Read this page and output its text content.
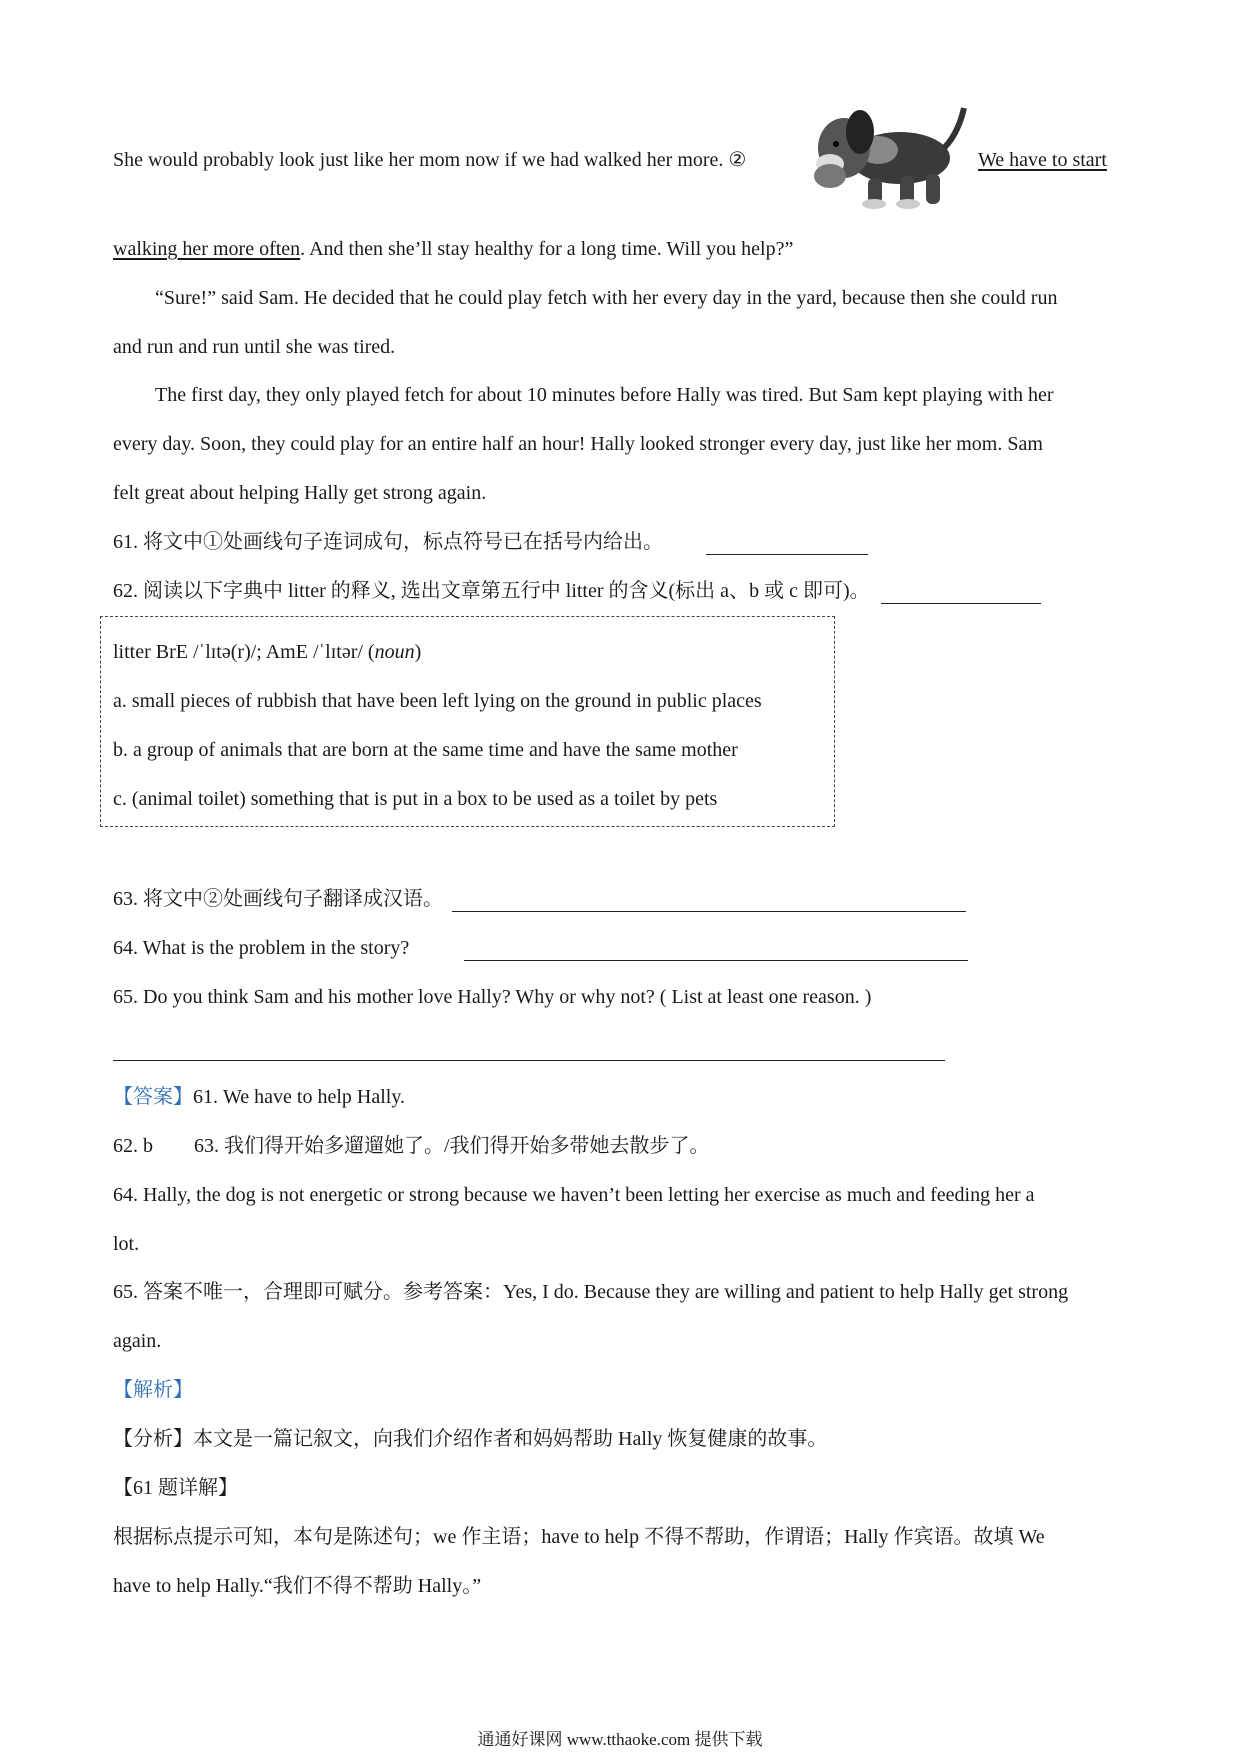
She would probably look just like her mom now if we had walked her more. ②	We have to start
walking her more often. And then she’ll stay healthy for a long time. Will you help?”
“Sure!” said Sam. He decided that he could play fetch with her every day in the yard, because then she could run
and run and run until she was tired.
The first day, they only played fetch for about 10 minutes before Hally was tired. But Sam kept playing with her
every day. Soon, they could play for an entire half an hour! Hally looked stronger every day, just like her mom. Sam
felt great about helping Hally get strong again.
61. 将文中①处画线句子连词成句，标点符号已在括号内给出。
62. 阅读以下字典中 litter 的释义, 选出文章第五行中 litter 的含义(标出 a、b 或 c 即可)。
litter BrE /ˈlɪtə(r)/; AmE /ˈlɪtər/ (noun)
a. small pieces of rubbish that have been left lying on the ground in public places
b. a group of animals that are born at the same time and have the same mother
c. (animal toilet) something that is put in a box to be used as a toilet by pets
63. 将文中②处画线句子翻译成汉语。
64. What is the problem in the story?
65. Do you think Sam and his mother love Hally? Why or why not? ( List at least one reason. )
【答案】61. We have to help Hally.
62. b 63. 我们得开始多遛遛她了。/我们得开始多带她去散步了。
64. Hally, the dog is not energetic or strong because we haven’t been letting her exercise as much and feeding her a
lot.
65. 答案不唯一，合理即可赋分。参考答案：Yes, I do. Because they are willing and patient to help Hally get strong
again.
【解析】
【分析】本文是一篇记叙文，向我们介绍作者和妈妈帮助 Hally 恢复健康的故事。
【61 题详解】
根据标点提示可知，本句是陈述句；we 作主语；have to help 不得不帮助，作谓语；Hally 作宾语。故填 We
have to help Hally.“我们不得不帮助 Hally。”
通通好课网 www.tthaoke.com 提供下载
